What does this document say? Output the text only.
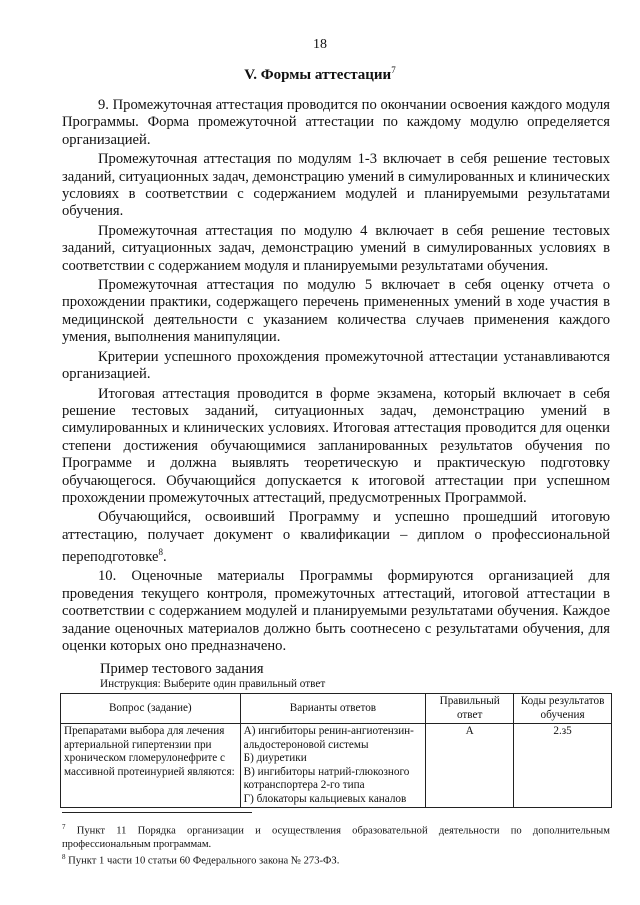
18
V. Формы аттестации$^7$

9. Промежуточная аттестация проводится по окончании освоения каждого модуля Программы. Форма промежуточной аттестации по каждому модулю определяется организацией.

Промежуточная аттестация по модулям 1-3 включает в себя решение тестовых заданий, ситуационных задач, демонстрацию умений в симулированных и клинических условиях в соответствии с содержанием модулей и планируемыми результатами обучения.

Промежуточная аттестация по модулю 4 включает в себя решение тестовых заданий, ситуационных задач, демонстрацию умений в симулированных условиях в соответствии с содержанием модуля и планируемыми результатами обучения.

Промежуточная аттестация по модулю 5 включает в себя оценку отчета о прохождении практики, содержащего перечень примененных умений в ходе участия в медицинской деятельности с указанием количества случаев применения каждого умения, выполнения манипуляции.

Критерии успешного прохождения промежуточной аттестации устанавливаются организацией.

Итоговая аттестация проводится в форме экзамена, который включает в себя решение тестовых заданий, ситуационных задач, демонстрацию умений в симулированных и клинических условиях. Итоговая аттестация проводится для оценки степени достижения обучающимися запланированных результатов обучения по Программе и должна выявлять теоретическую и практическую подготовку обучающегося. Обучающийся допускается к итоговой аттестации при успешном прохождении промежуточных аттестаций, предусмотренных Программой.

Обучающийся, освоивший Программу и успешно прошедший итоговую аттестацию, получает документ о квалификации – диплом о профессиональной переподготовке$^8$.

10. Оценочные материалы Программы формируются организацией для проведения текущего контроля, промежуточных аттестаций, итоговой аттестации в соответствии с содержанием модулей и планируемыми результатами обучения. Каждое задание оценочных материалов должно быть соотнесено с результатами обучения, для оценки которых оно предназначено.

Пример тестового задания
Инструкция: Выберите один правильный ответ
Вопрос (задание)	Варианты ответов	Правильный ответ	Коды результатов обучения
Препаратами выбора для лечения артериальной гипертензии при хроническом гломерулонефрите с массивной протеинурией являются:	А) ингибиторы ренин-ангиотензин-альдостероновой системы
Б) диуретики
В) ингибиторы натрий-глюкозного котранспортера 2-го типа
Г) блокаторы кальциевых каналов	А	2.з5

$^7$ Пункт 11 Порядка организации и осуществления образовательной деятельности по дополнительным профессиональным программам.

$^8$ Пункт 1 части 10 статьи 60 Федерального закона № 273-ФЗ.
